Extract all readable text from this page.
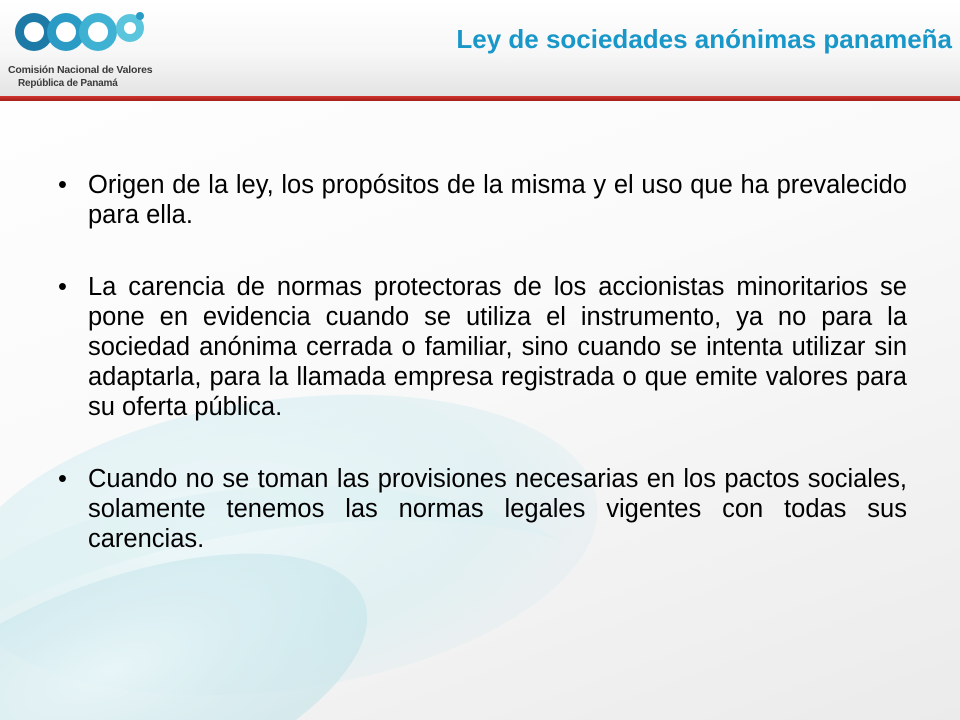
Comisión Nacional de Valores
República de Panamá
Ley de sociedades anónimas panameña
• Origen de la ley, los propósitos de la misma y el uso que ha prevalecido para ella.
• La carencia de normas protectoras de los accionistas minoritarios se pone en evidencia cuando se utiliza el instrumento, ya no para la sociedad anónima cerrada o familiar, sino cuando se intenta utilizar sin adaptarla, para la llamada empresa registrada o que emite valores para su oferta pública.
• Cuando no se toman las provisiones necesarias en los pactos sociales, solamente tenemos las normas legales vigentes con todas sus carencias.
